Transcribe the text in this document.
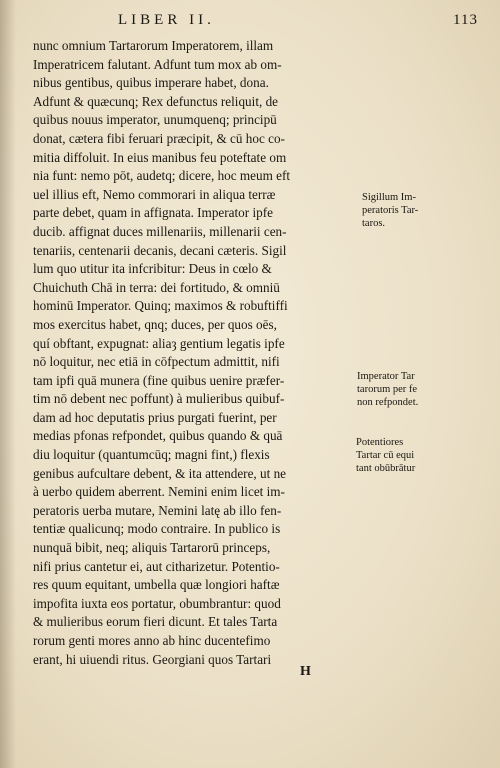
LIBER II.	113
nunc omnium Tartarorum Imperatorem, illam
Imperatricem falutant. Adfunt tum mox ab om-
nibus gentibus, quibus imperare habet, dona.
Adfunt & quæcunq; Rex defunctus reliquit, de
quibus nouus imperator, unumquenq; principū
donat, cætera fibi feruari præcipit, & cū hoc co-
mitia diffoluit. In eius manibus feu poteftate om
nia funt: nemo pōt, audetq; dicere, hoc meum eft
uel illius eft, Nemo commorari in aliqua terræ
parte debet, quam in affignata. Imperator ipfe
ducib. affignat duces millenariis, millenarii cen-
tenariis, centenarii decanis, decani cæteris. Sigil
lum quo utitur ita infcribitur: Deus in cœlo &
Chuichuth Chā in terra: dei fortitudo, & omniū
hominū Imperator. Quinq; maximos & robuftiffi
mos exercitus habet, qnq; duces, per quos oēs,
quí obftant, expugnat: aliaȝ gentium legatis ipfe
nō loquitur, nec etiā in cōfpectum admittit, nifi
tam ipfi quā munera (fine quibus uenire præfer-
tim nō debent nec poffunt) à mulieribus quibuf-
dam ad hoc deputatis prius purgati fuerint, per
medias pfonas refpondet, quibus quando & quā
diu loquitur (quantumcūq; magni fint,) flexis
genibus aufcultare debent, & ita attendere, ut ne
à uerbo quidem aberrent. Nemini enim licet im-
peratoris uerba mutare, Nemini latę ab illo fen-
tentiæ qualicunq; modo contraire. In publico is
nunquā bibit, neq; aliquis Tartarorū princeps,
nifi prius cantetur ei, aut citharizetur. Potentio-
res quum equitant, umbella quæ longiori haftæ
impofita iuxta eos portatur, obumbrantur: quod
& mulieribus eorum fieri dicunt. Et tales Tarta
rorum genti mores anno ab hinc ducentefimo
erant, hi uiuendi ritus. Georgiani quos Tartari
H
Sigillum Im-
peratoris Tar-
taros.
Imperator Tar
tarorum per fe
non refpondet.
Potentiores
Tartar cū equi
tant obūbrātur
